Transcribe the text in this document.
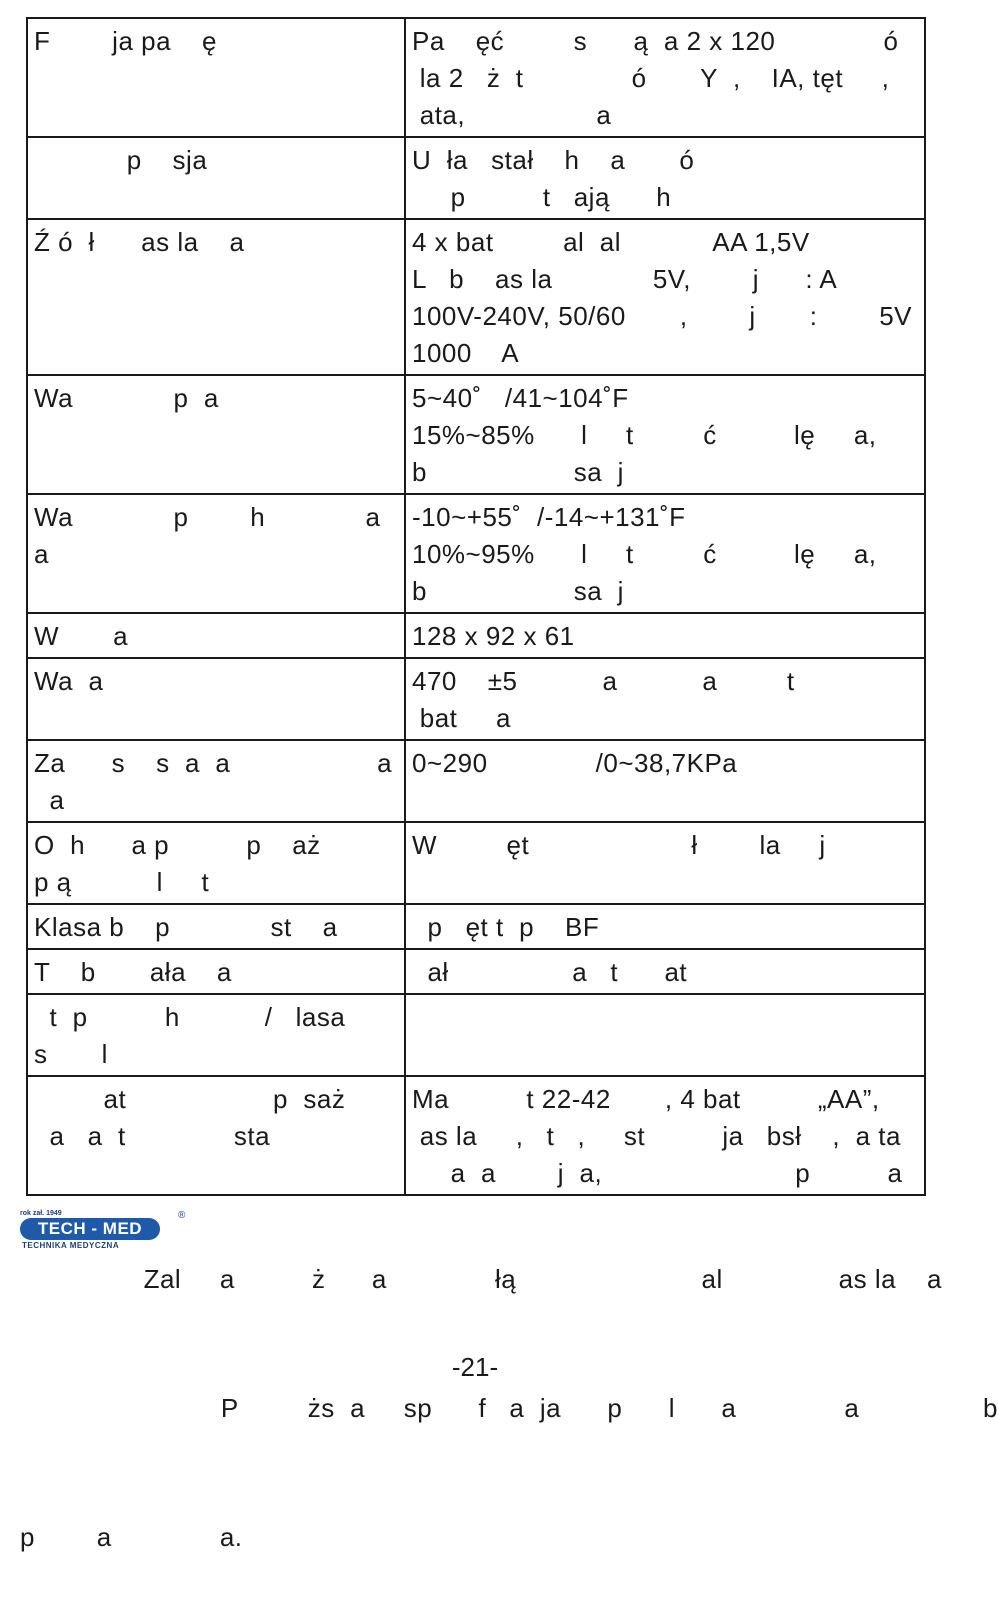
F        ja pa    ę	Pa    ęć         s      ą  a 2 x 120              ó
la 2   ż  t              ó       Y  ,    IA, tęt     ,
ata,                 a
p    sja	U  ła   stał    h    a       ó
p          t   ają      h
Ź ó  ł      as la    a	4 x bat         al  al            AA 1,5V
L   b    as la             5V,        j      : A
100V-240V, 50/60       ,        j       :        5V
1000    A
Wa             p  a	5~40˚   /41~104˚F
15%~85%      l     t         ć          lę     a,
b                   sa  j
Wa             p        h             a    a	-10~+55˚  /-14~+131˚F
10%~95%      l     t         ć          lę     a,
b                   sa  j
W       a	128 x 92 x 61
Wa  a	470    ±5           a           a         t
bat     a
Za      s    s  a  a                   a
a	0~290              /0~38,7KPa
O  h      a p          p    aż
p ą           l     t	W         ęt                     ł        la     j
Klasa b    p             st    a	p   ęt t  p    BF
T    b       ała    a	ał                a   t      at
t  p          h           /   lasa
s       l	
at                   p  saż
a   a  t              sta	Ma          t 22-42       , 4 bat          „AA”,
as la     ,   t   ,     st          ja   bsł    ,  a ta
a  a        j  a,                         p          a

Zal     a          ż      a              łą                        al               as la    a

P         żs  a     sp      f   a  ja      p      l      a              a                b

p        a              a.

rok zał. 1949
TECH - MED
®
TECHNIKA MEDYCZNA
-21-
